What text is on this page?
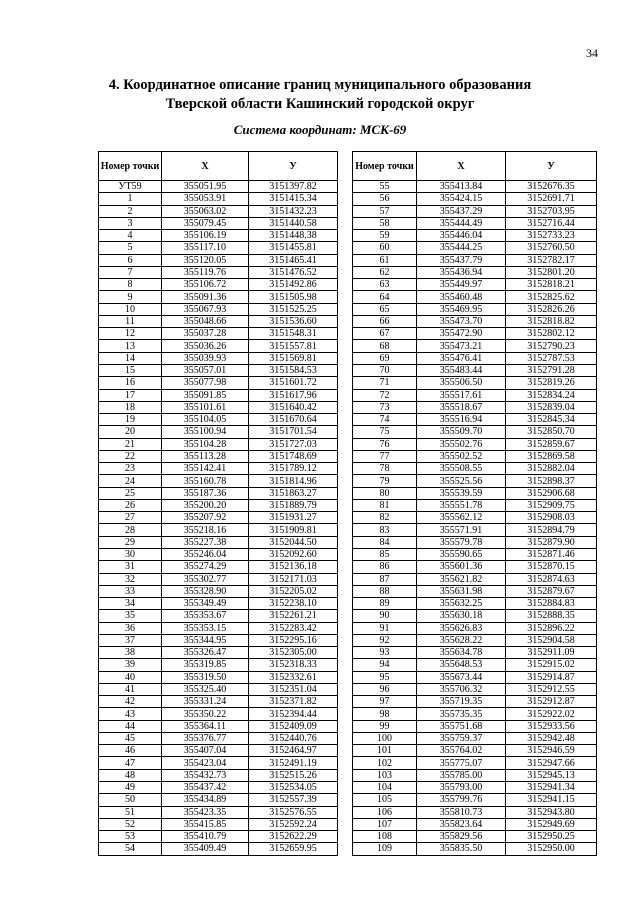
34
4. Координатное описание границ муниципального образования
Тверской области Кашинский городской округ
Система координат: МСК-69
Номер точки	X	У
УТ59	355051.95	3151397.82
1	355053.91	3151415.34
2	355063.02	3151432.23
3	355079.45	3151440.58
4	355106.19	3151448.38
5	355117.10	3151455.81
6	355120.05	3151465.41
7	355119.76	3151476.52
8	355106.72	3151492.86
9	355091.36	3151505.98
10	355067.93	3151525.25
11	355048.66	3151536.60
12	355037.28	3151548.31
13	355036.26	3151557.81
14	355039.93	3151569.81
15	355057.01	3151584.53
16	355077.98	3151601.72
17	355091.85	3151617.96
18	355101.61	3151640.42
19	355104.05	3151670.64
20	355100.94	3151701.54
21	355104.28	3151727.03
22	355113.28	3151748.69
23	355142.41	3151789.12
24	355160.78	3151814.96
25	355187.36	3151863.27
26	355200.20	3151889.79
27	355207.92	3151931.27
28	355218.16	3151909.81
29	355227.38	3152044.50
30	355246.04	3152092.60
31	355274.29	3152136.18
32	355302.77	3152171.03
33	355328.90	3152205.02
34	355349.49	3152238.10
35	355353.67	3152261.21
36	355353.15	3152283.42
37	355344.95	3152295.16
38	355326.47	3152305.00
39	355319.85	3152318.33
40	355319.50	3152332.61
41	355325.40	3152351.04
42	355331.24	3152371.82
43	355350.22	3152394.44
44	355364.11	3152409.09
45	355376.77	3152440.76
46	355407.04	3152464.97
47	355423.04	3152491.19
48	355432.73	3152515.26
49	355437.42	3152534.05
50	355434.89	3152557.39
51	355423.35	3152576.55
52	355415.85	3152592.24
53	355410.79	3152622.29
54	355409.49	3152659.95
Номер точки	X	У
55	355413.84	3152676.35
56	355424.15	3152691.71
57	355437.29	3152703.95
58	355444.49	3152716.44
59	355446.04	3152733.23
60	355444.25	3152760.50
61	355437.79	3152782.17
62	355436.94	3152801.20
63	355449.97	3152818.21
64	355460.48	3152825.62
65	355469.95	3152826.26
66	355473.70	3152818.82
67	355472.90	3152802.12
68	355473.21	3152790.23
69	355476.41	3152787.53
70	355483.44	3152791.28
71	355506.50	3152819.26
72	355517.61	3152834.24
73	355518.67	3152839.04
74	355516.94	3152845.34
75	355509.70	3152850.70
76	355502.76	3152859.67
77	355502.52	3152869.58
78	355508.55	3152882.04
79	355525.56	3152898.37
80	355539.59	3152906.68
81	355551.78	3152909.75
82	355562.12	3152908.03
83	355571.91	3152894.79
84	355579.78	3152879.90
85	355590.65	3152871.46
86	355601.36	3152870.15
87	355621.82	3152874.63
88	355631.98	3152879.67
89	355632.25	3152884.83
90	355630.18	3152888.35
91	355626.83	3152896.22
92	355628.22	3152904.58
93	355634.78	3152911.09
94	355648.53	3152915.02
95	355673.44	3152914.87
96	355706.32	3152912.55
97	355719.35	3152912.87
98	355735.35	3152922.02
99	355751.68	3152933.56
100	355759.37	3152942.48
101	355764.02	3152946.59
102	355775.07	3152947.66
103	355785.00	3152945.13
104	355793.00	3152941.34
105	355799.76	3152941.15
106	355810.73	3152943.80
107	355823.64	3152949.69
108	355829.56	3152950.25
109	355835.50	3152950.00
